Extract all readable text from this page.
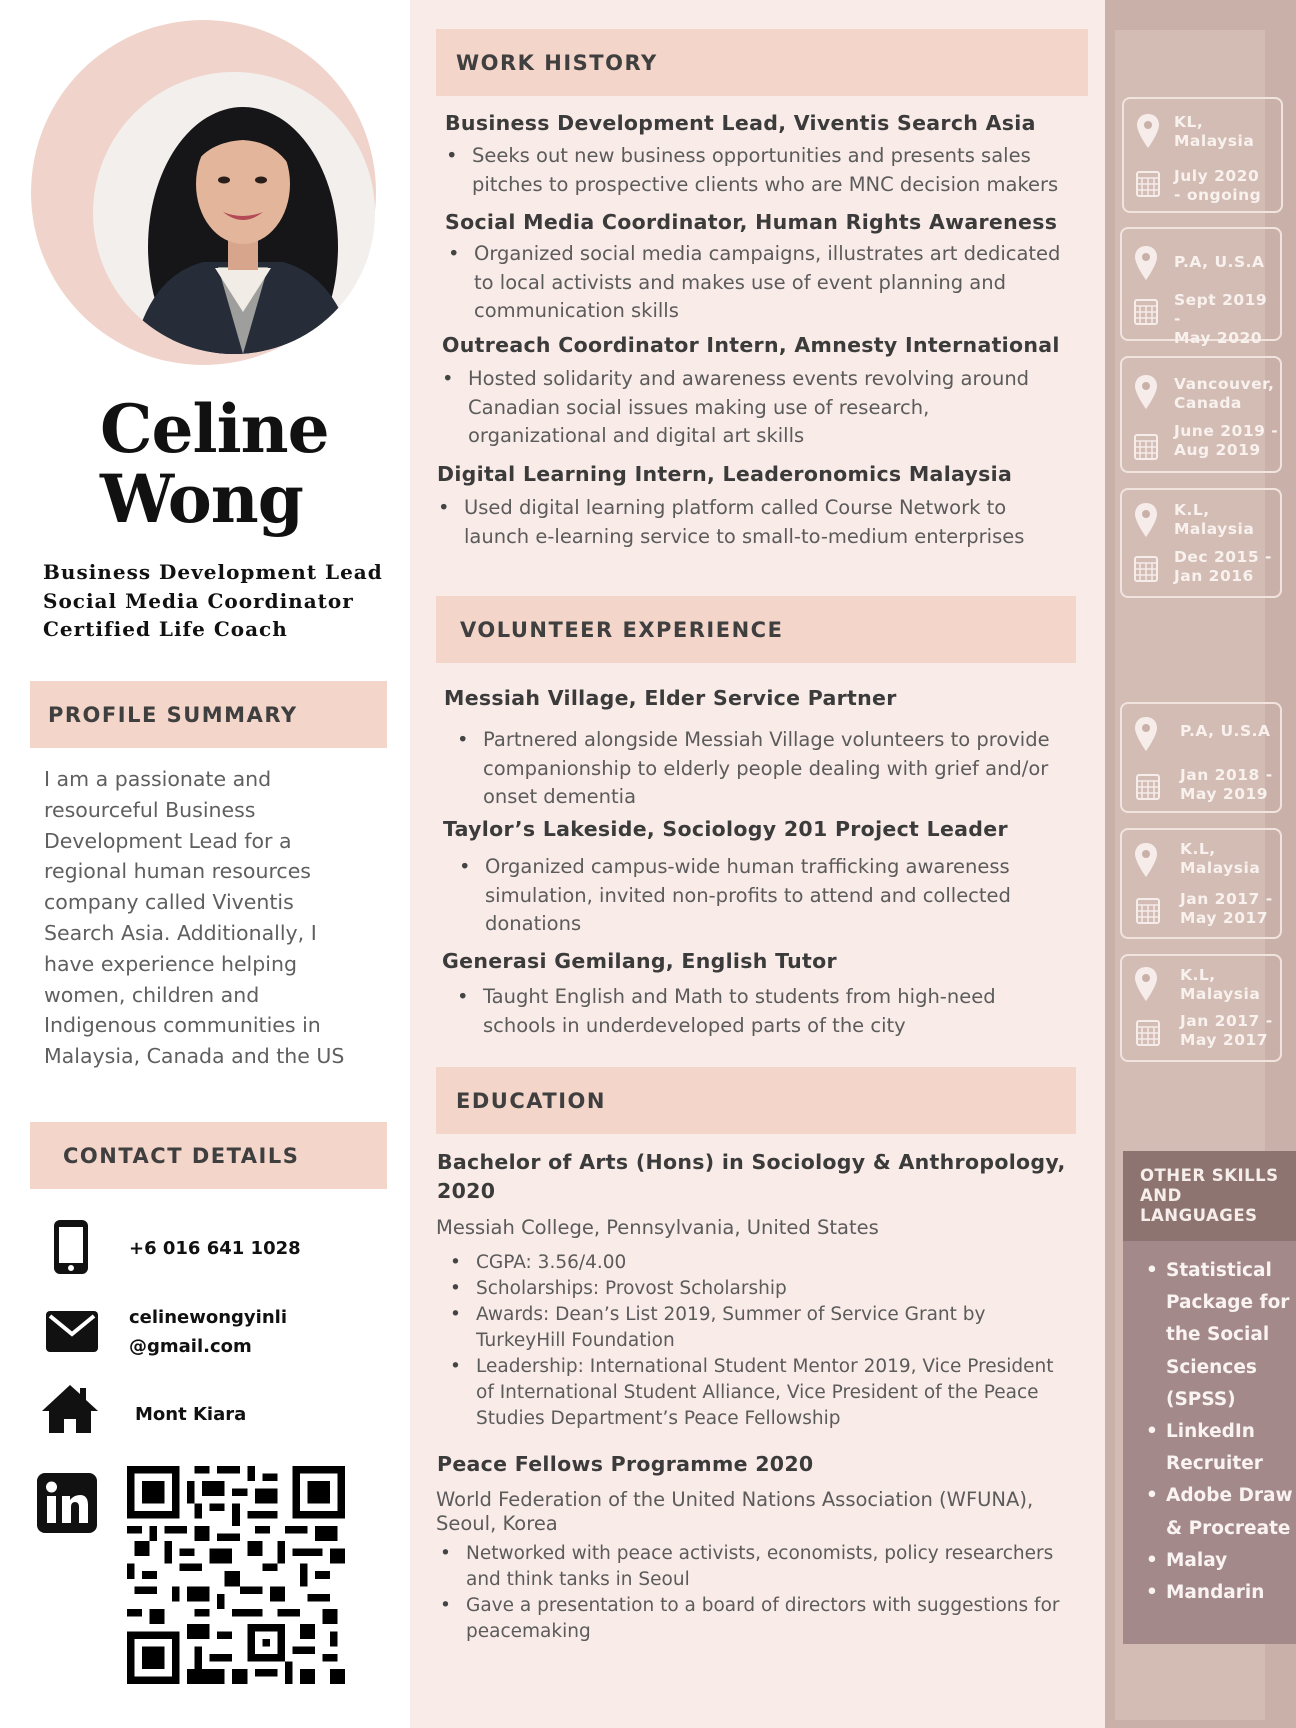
Celine
Wong
Business Development Lead
Social Media Coordinator
Certified Life Coach
PROFILE SUMMARY
I am a passionate and
resourceful Business
Development Lead for a
regional human resources
company called Viventis
Search Asia. Additionally, I
have experience helping
women, children and
Indigenous communities in
Malaysia, Canada and the US
CONTACT DETAILS
+6 016 641 1028
celinewongyinli
@gmail.com
Mont Kiara
WORK HISTORY
Business Development Lead, Viventis Search Asia
• Seeks out new business opportunities and presents sales
pitches to prospective clients who are MNC decision makers
Social Media Coordinator, Human Rights Awareness
• Organized social media campaigns, illustrates art dedicated
to local activists and makes use of event planning and
communication skills
Outreach Coordinator Intern, Amnesty International
• Hosted solidarity and awareness events revolving around
Canadian social issues making use of research,
organizational and digital art skills
Digital Learning Intern, Leaderonomics Malaysia
• Used digital learning platform called Course Network to
launch e-learning service to small-to-medium enterprises
VOLUNTEER EXPERIENCE
Messiah Village, Elder Service Partner
• Partnered alongside Messiah Village volunteers to provide
companionship to elderly people dealing with grief and/or
onset dementia
Taylor’s Lakeside, Sociology 201 Project Leader
• Organized campus-wide human trafficking awareness
simulation, invited non-profits to attend and collected
donations
Generasi Gemilang, English Tutor
• Taught English and Math to students from high-need
schools in underdeveloped parts of the city
EDUCATION
Bachelor of Arts (Hons) in Sociology & Anthropology,
2020
Messiah College, Pennsylvania, United States
• CGPA: 3.56/4.00
• Scholarships: Provost Scholarship
• Awards: Dean’s List 2019, Summer of Service Grant by
TurkeyHill Foundation
• Leadership: International Student Mentor 2019, Vice President
of International Student Alliance, Vice President of the Peace
Studies Department’s Peace Fellowship
Peace Fellows Programme 2020
World Federation of the United Nations Association (WFUNA),
Seoul, Korea
• Networked with peace activists, economists, policy researchers
and think tanks in Seoul
• Gave a presentation to a board of directors with suggestions for
peacemaking
KL,
Malaysia
July 2020
- ongoing
P.A, U.S.A
Sept 2019 -
May 2020
Vancouver,
Canada
June 2019 -
Aug 2019
K.L,
Malaysia
Dec 2015 -
Jan 2016
P.A, U.S.A
Jan 2018 -
May 2019
K.L,
Malaysia
Jan 2017 -
May 2017
K.L,
Malaysia
Jan 2017 -
May 2017
OTHER SKILLS
AND
LANGUAGES
• Statistical
Package for
the Social
Sciences
(SPSS)
• LinkedIn
Recruiter
• Adobe Draw
& Procreate
• Malay
• Mandarin
